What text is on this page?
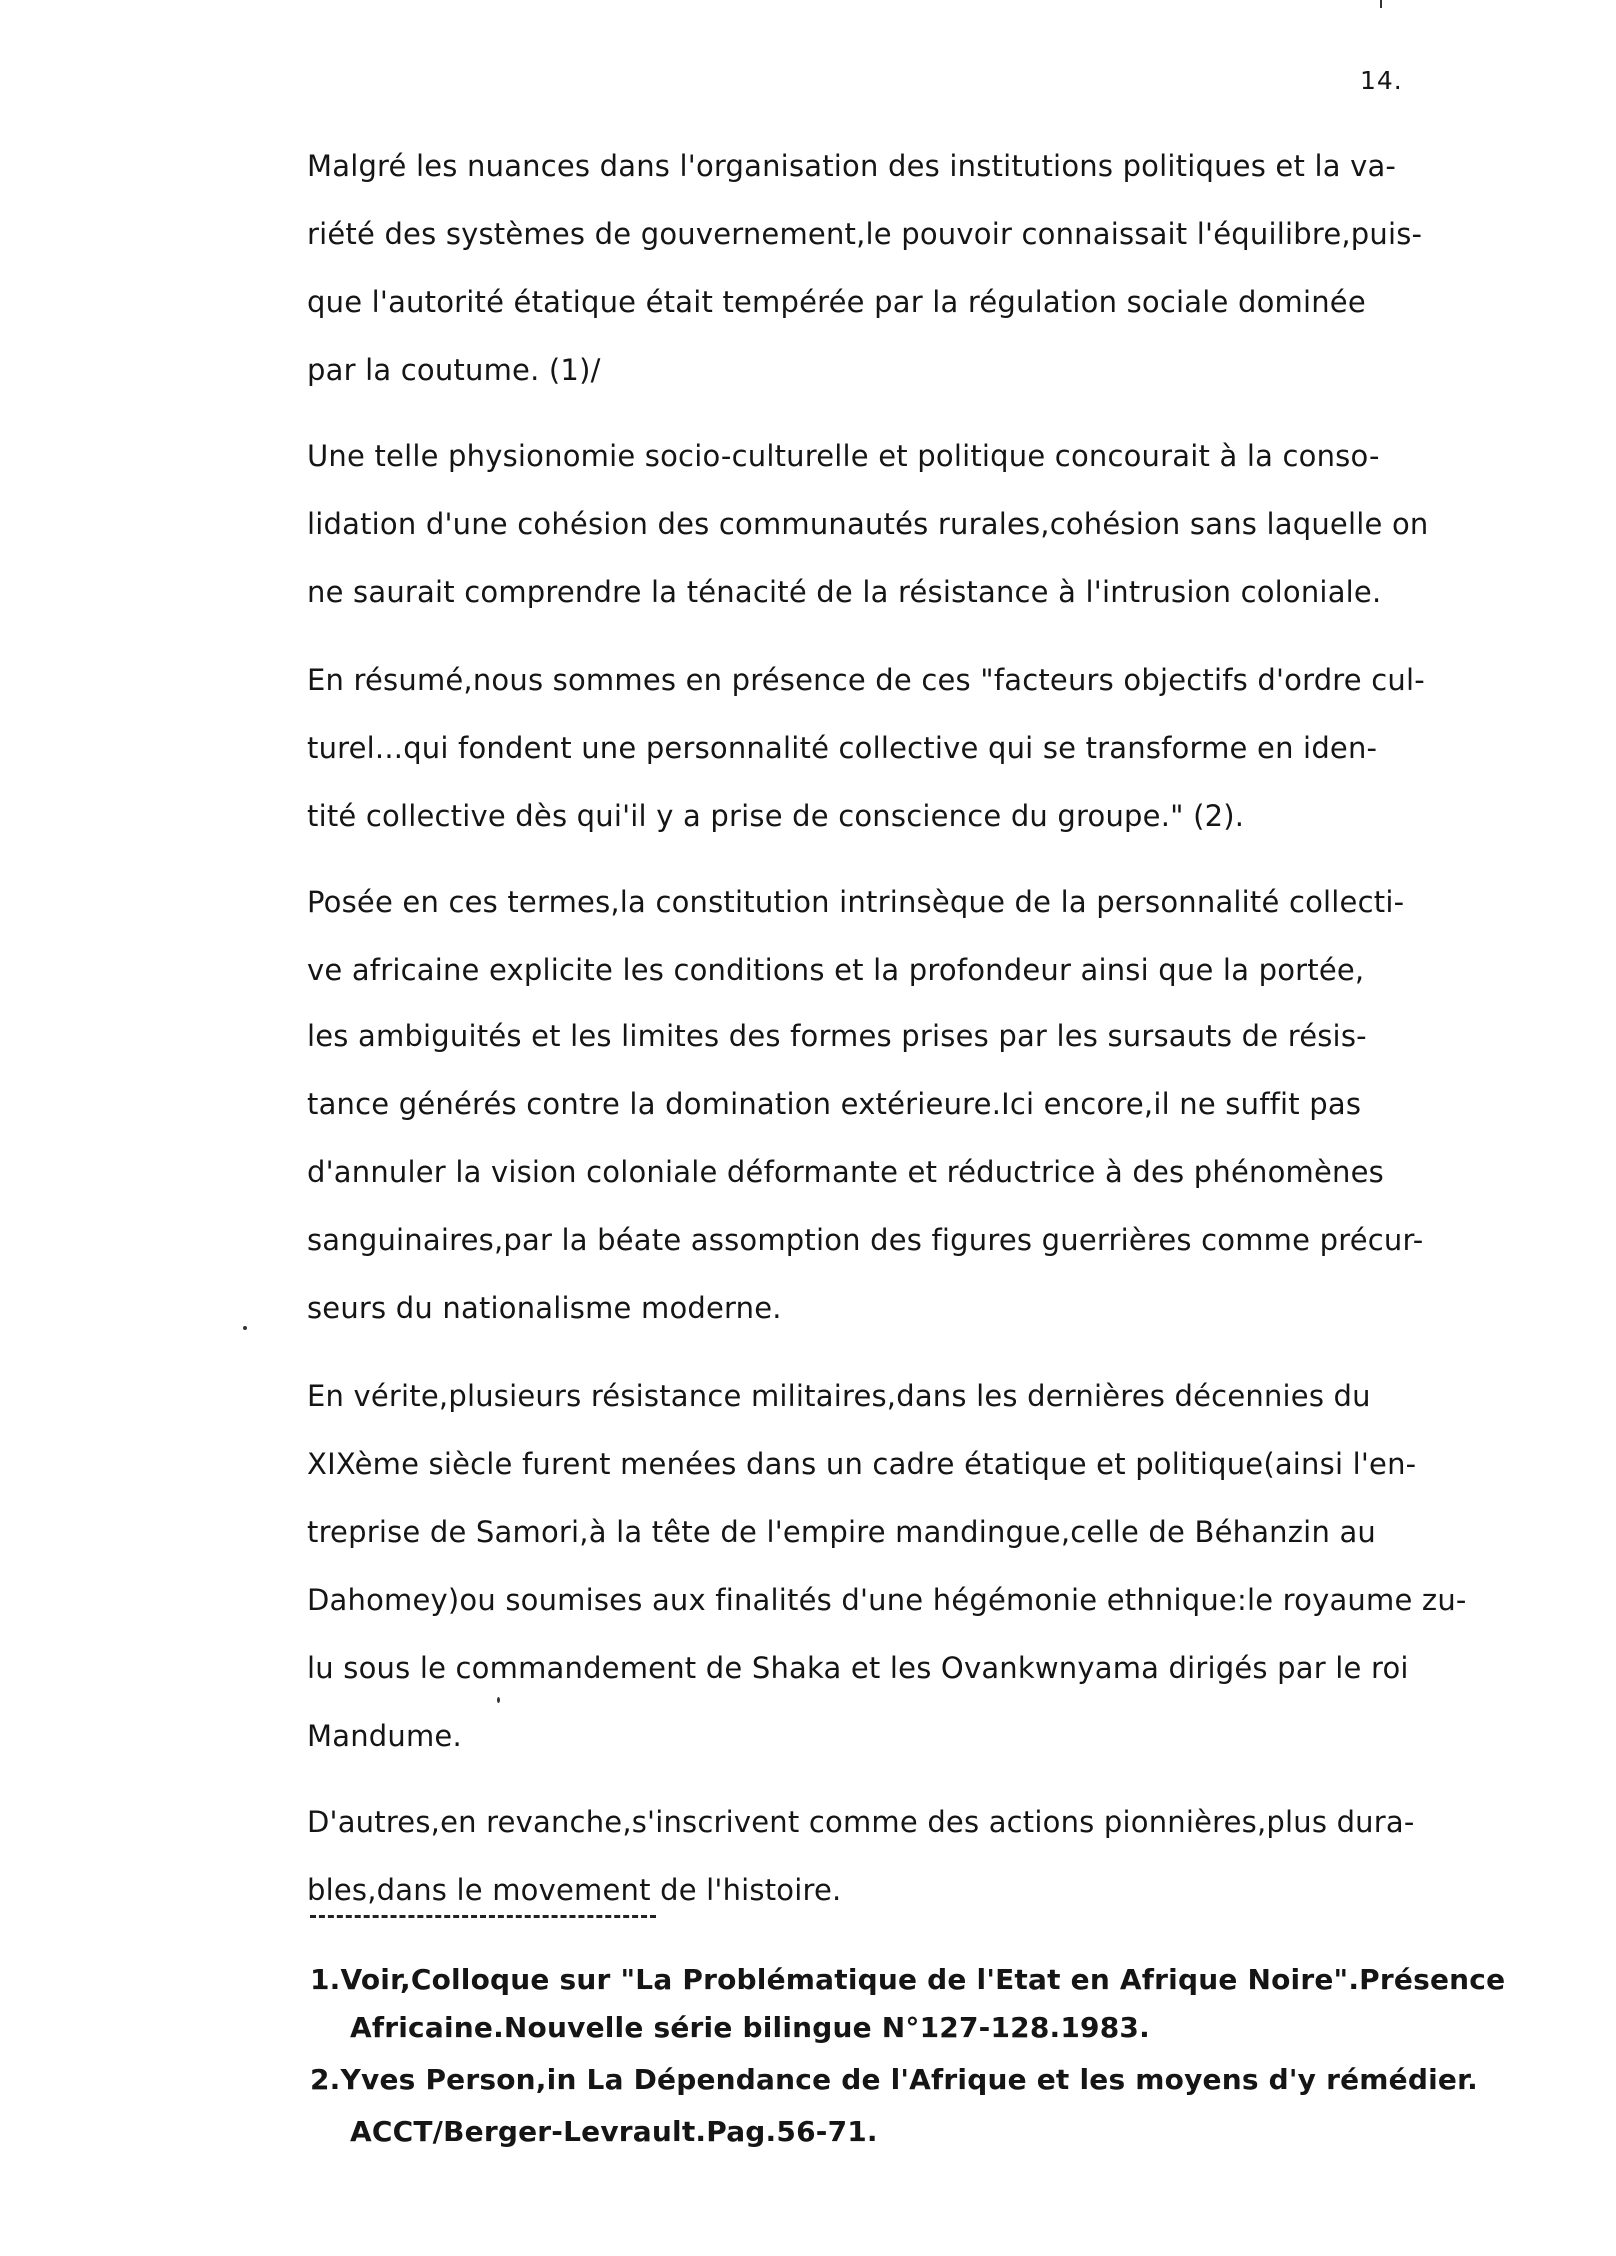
14.
Malgré les nuances dans l'organisation des institutions politiques et la va-
riété des systèmes de gouvernement,le pouvoir connaissait l'équilibre,puis-
que l'autorité étatique était tempérée par la régulation sociale dominée
par la coutume. (1)/
Une telle physionomie socio-culturelle et politique concourait à la conso-
lidation d'une cohésion des communautés rurales,cohésion sans laquelle on
ne saurait comprendre la ténacité de la résistance à l'intrusion coloniale.
En résumé,nous sommes en présence de ces "facteurs objectifs d'ordre cul-
turel...qui fondent une personnalité collective qui se transforme en iden-
tité collective dès qui'il y a prise de conscience du groupe." (2).
Posée en ces termes,la constitution intrinsèque de la personnalité collecti-
ve africaine explicite les conditions et la profondeur ainsi que la portée,
les ambiguités et les limites des formes prises par les sursauts de résis-
tance générés contre la domination extérieure.Ici encore,il ne suffit pas
d'annuler la vision coloniale déformante et réductrice à des phénomènes
sanguinaires,par la béate assomption des figures guerrières comme précur-
seurs du nationalisme moderne.
En vérite,plusieurs résistance militaires,dans les dernières décennies du
XIXème siècle furent menées dans un cadre étatique et politique(ainsi l'en-
treprise de Samori,à la tête de l'empire mandingue,celle de Béhanzin au
Dahomey)ou soumises aux finalités d'une hégémonie ethnique:le royaume zu-
lu sous le commandement de Shaka et les Ovankwnyama dirigés par le roi
Mandume.
D'autres,en revanche,s'inscrivent comme des actions pionnières,plus dura-
bles,dans le movement de l'histoire.
1.Voir,Colloque sur "La Problématique de l'Etat en Afrique Noire".Présence
Africaine.Nouvelle série bilingue N°127-128.1983.
2.Yves Person,in La Dépendance de l'Afrique et les moyens d'y rémédier.
ACCT/Berger-Levrault.Pag.56-71.
